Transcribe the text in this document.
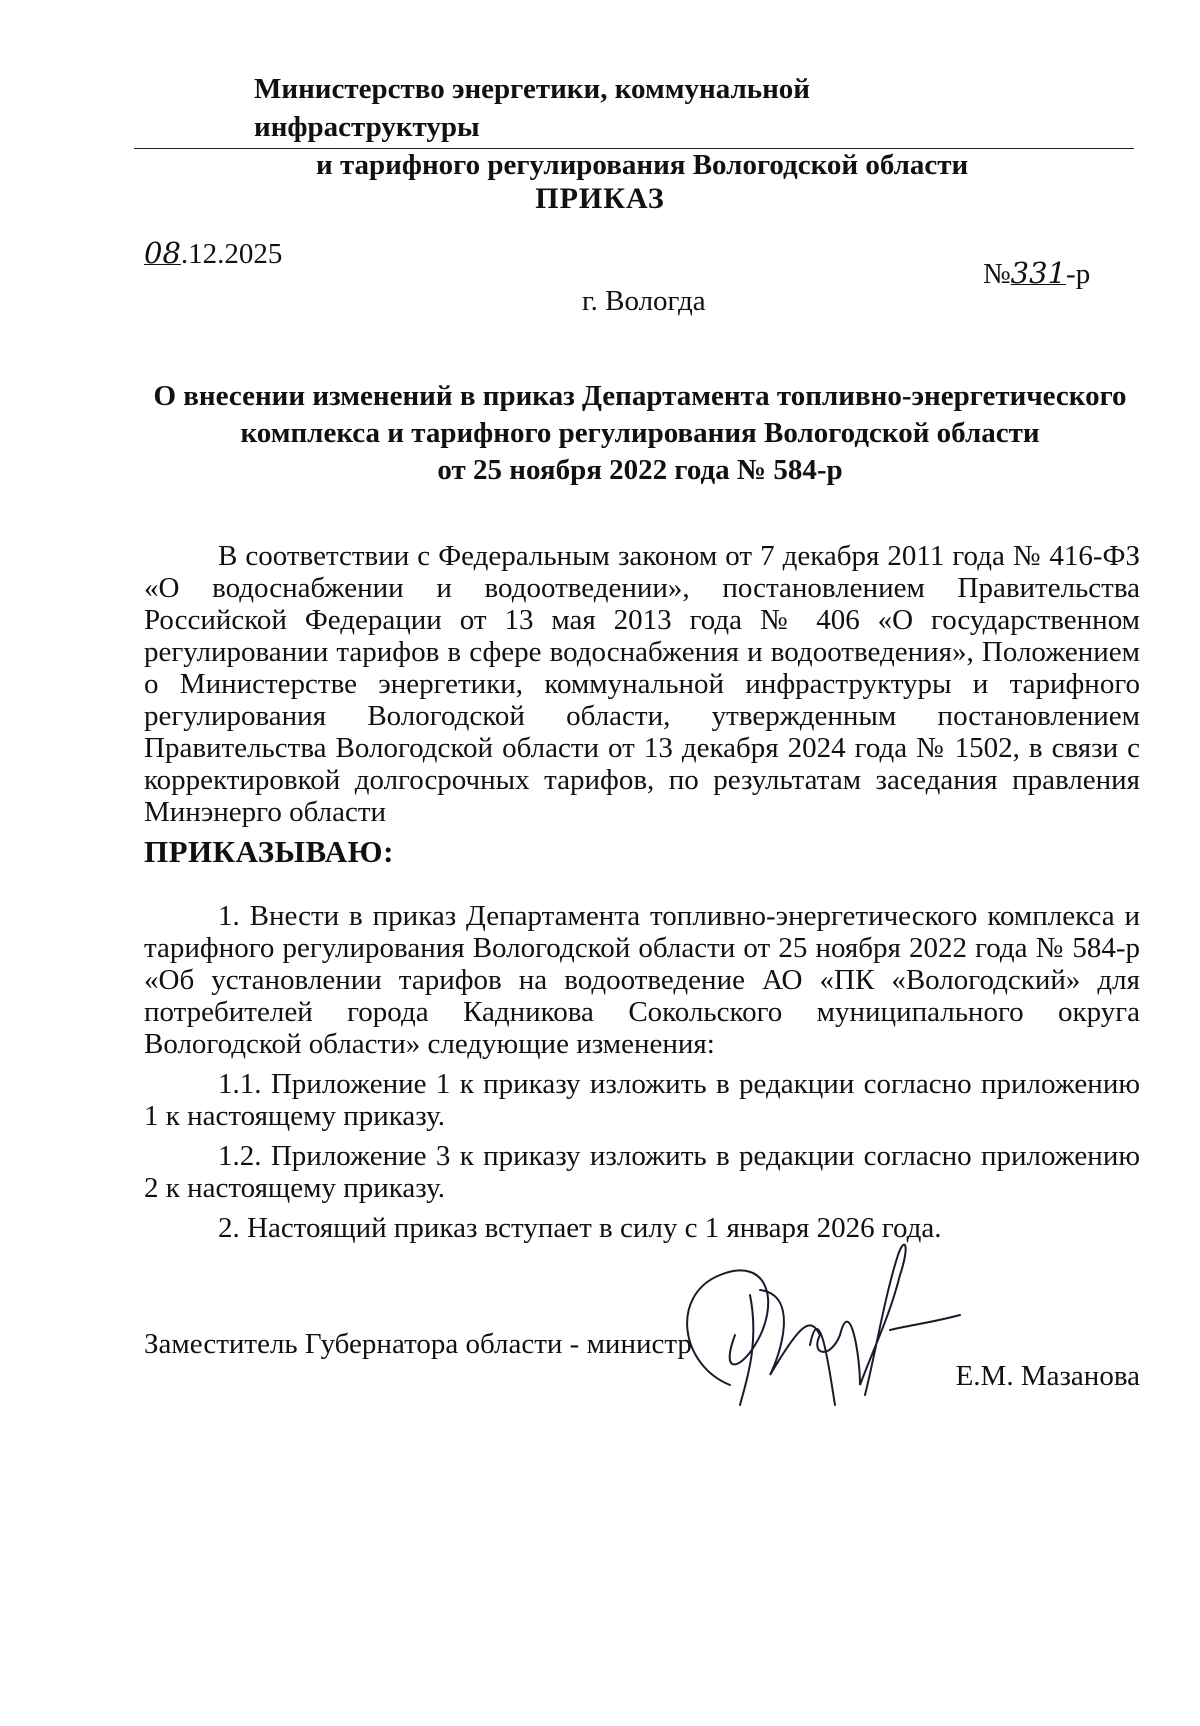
Министерство энергетики, коммунальной инфраструктуры
и тарифного регулирования Вологодской области
ПРИКАЗ
08.12.2025
№331-р
г. Вологда
О внесении изменений в приказ Департамента топливно-энергетического
комплекса и тарифного регулирования Вологодской области
от 25 ноября 2022 года № 584-р

В соответствии с Федеральным законом от 7 декабря 2011 года № 416-ФЗ «О водоснабжении и водоотведении», постановлением Правительства Российской Федерации от 13 мая 2013 года № 406 «О государственном регулировании тарифов в сфере водоснабжения и водоотведения», Положением о Министерстве энергетики, коммунальной инфраструктуры и тарифного регулирования Вологодской области, утвержденным постановлением Правительства Вологодской области от 13 декабря 2024 года № 1502, в связи с корректировкой долгосрочных тарифов, по результатам заседания правления Минэнерго области

ПРИКАЗЫВАЮ:

1. Внести в приказ Департамента топливно-энергетического комплекса и тарифного регулирования Вологодской области от 25 ноября 2022 года № 584-р «Об установлении тарифов на водоотведение АО «ПК «Вологодский» для потребителей города Кадникова Сокольского муниципального округа Вологодской области» следующие изменения:

1.1. Приложение 1 к приказу изложить в редакции согласно приложению 1 к настоящему приказу.

1.2. Приложение 3 к приказу изложить в редакции согласно приложению 2 к настоящему приказу.

2. Настоящий приказ вступает в силу с 1 января 2026 года.

Заместитель Губернатора области - министр
Е.М. Мазанова
